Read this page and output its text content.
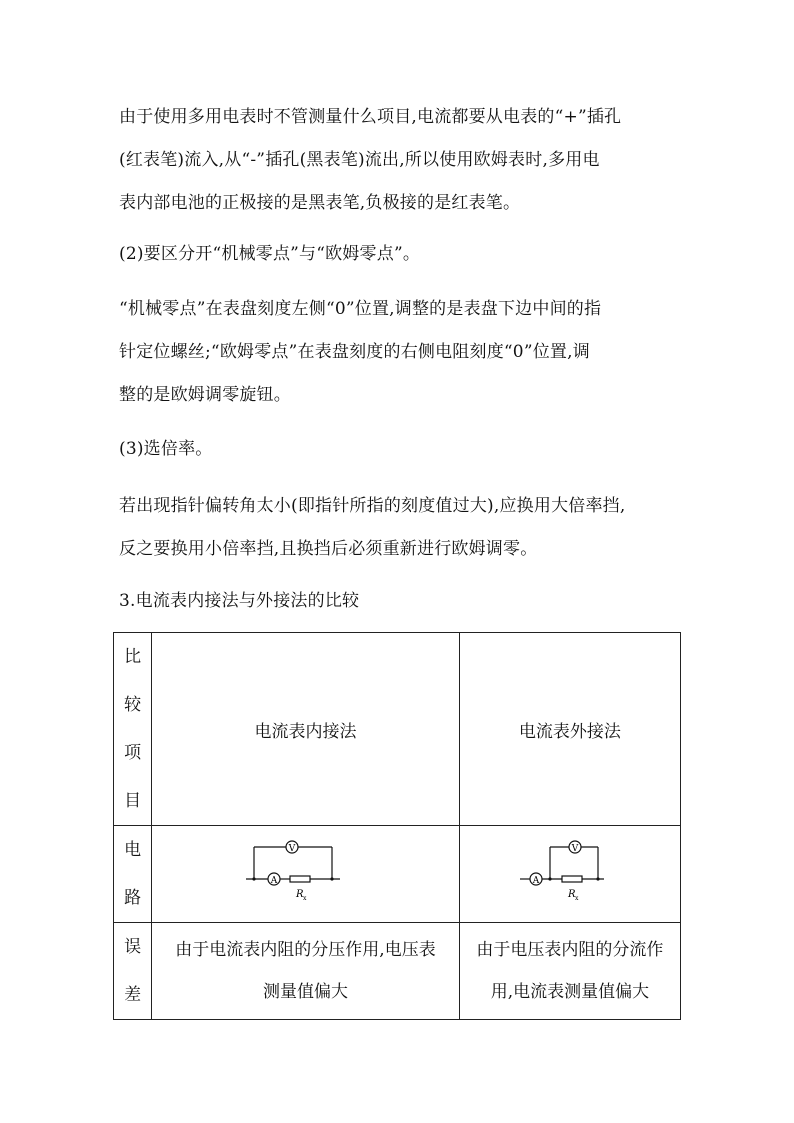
由于使用多用电表时不管测量什么项目,电流都要从电表的“+”插孔
(红表笔)流入,从“-”插孔(黑表笔)流出,所以使用欧姆表时,多用电
表内部电池的正极接的是黑表笔,负极接的是红表笔。

(2)要区分开“机械零点”与“欧姆零点”。

“机械零点”在表盘刻度左侧“0”位置,调整的是表盘下边中间的指
针定位螺丝;“欧姆零点”在表盘刻度的右侧电阻刻度“0”位置,调
整的是欧姆调零旋钮。

(3)选倍率。

若出现指针偏转角太小(即指针所指的刻度值过大),应换用大倍率挡,
反之要换用小倍率挡,且换挡后必须重新进行欧姆调零。

3.电流表内接法与外接法的比较

比
较
项
目	电流表内接法	电流表外接法

电
路	A
V
R x	A
V
R x

误
差	由于电流表内阻的分压作用,电压表
测量值偏大	由于电压表内阻的分流作
用,电流表测量值偏大
